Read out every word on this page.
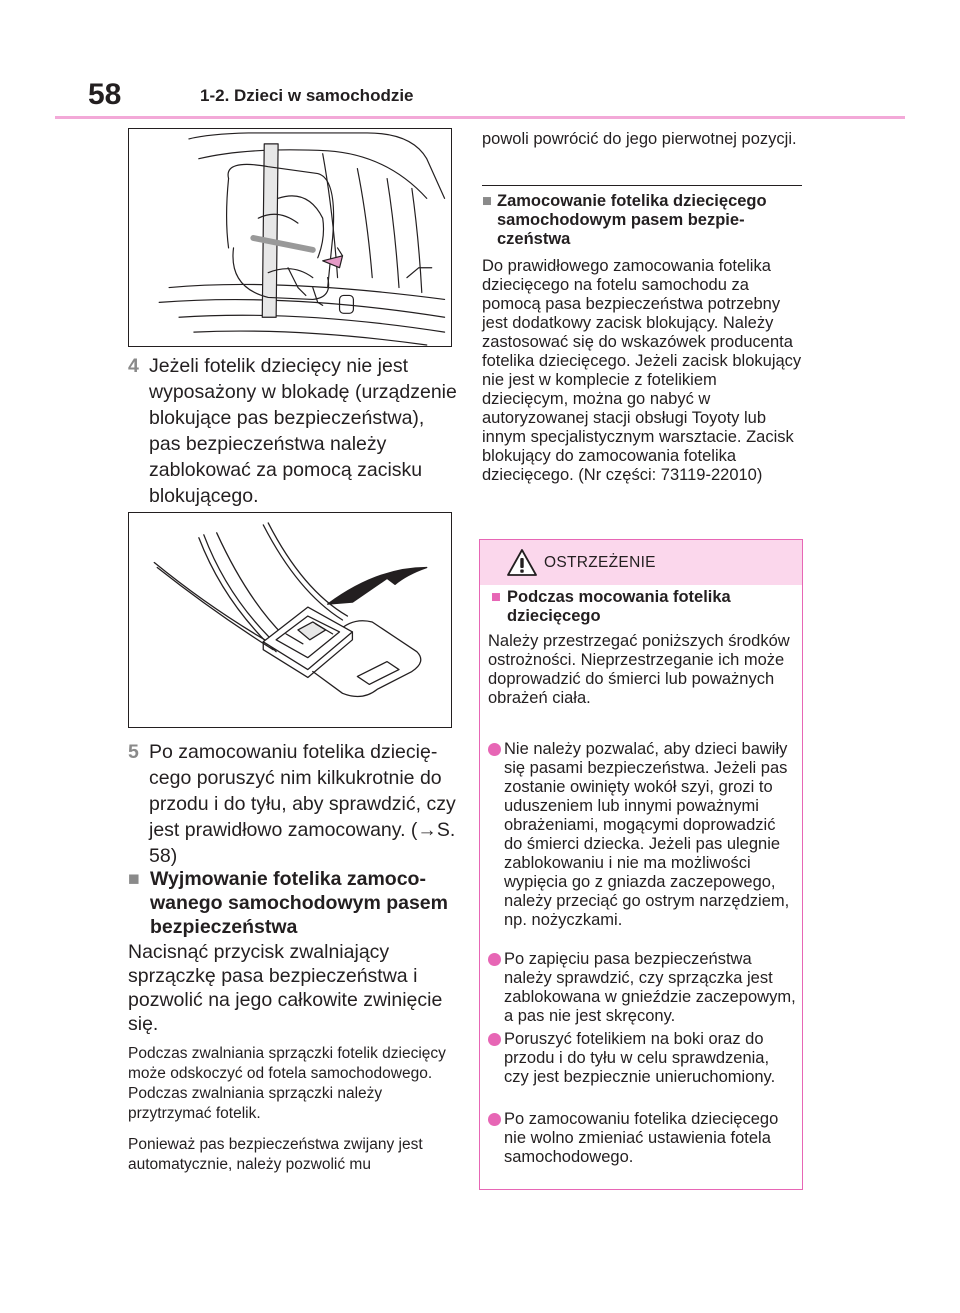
58	1-2. Dzieci w samochodzie
4 Jeżeli fotelik dziecięcy nie jest wyposażony w blokadę (urządzenie blokujące pas bezpieczeństwa), pas bezpieczeństwa należy zablokować za pomocą zacisku blokującego.
5 Po zamocowaniu fotelika dziecięcego poruszyć nim kilkukrotnie do przodu i do tyłu, aby sprawdzić, czy jest prawidłowo zamocowany. (→S. 58)
■ Wyjmowanie fotelika zamocowanego samochodowym pasem bezpieczeństwa
Nacisnąć przycisk zwalniający sprzączkę pasa bezpieczeństwa i pozwolić na jego całkowite zwinięcie się.
Podczas zwalniania sprzączki fotelik dziecięcy może odskoczyć od fotela samochodowego. Podczas zwalniania sprzączki należy przytrzymać fotelik.
Ponieważ pas bezpieczeństwa zwijany jest automatycznie, należy pozwolić mu
powoli powrócić do jego pierwotnej pozycji.
■ Zamocowanie fotelika dziecięcego samochodowym pasem bezpieczeństwa
Do prawidłowego zamocowania fotelika dziecięcego na fotelu samochodu za pomocą pasa bezpieczeństwa potrzebny jest dodatkowy zacisk blokujący. Należy zastosować się do wskazówek producenta fotelika dziecięcego. Jeżeli zacisk blokujący nie jest w komplecie z fotelikiem dziecięcym, można go nabyć w autoryzowanej stacji obsługi Toyoty lub innym specjalistycznym warsztacie. Zacisk blokujący do zamocowania fotelika dziecięcego. (Nr części: 73119-22010)
OSTRZEŻENIE
■ Podczas mocowania fotelika dziecięcego
Należy przestrzegać poniższych środków ostrożności. Nieprzestrzeganie ich może doprowadzić do śmierci lub poważnych obrażeń ciała.
Nie należy pozwalać, aby dzieci bawiły się pasami bezpieczeństwa. Jeżeli pas zostanie owinięty wokół szyi, grozi to uduszeniem lub innymi poważnymi obrażeniami, mogącymi doprowadzić do śmierci dziecka. Jeżeli pas ulegnie zablokowaniu i nie ma możliwości wypięcia go z gniazda zaczepowego, należy przeciąć go ostrym narzędziem, np. nożyczkami.
Po zapięciu pasa bezpieczeństwa należy sprawdzić, czy sprzączka jest zablokowana w gnieździe zaczepowym, a pas nie jest skręcony.
Poruszyć fotelikiem na boki oraz do przodu i do tyłu w celu sprawdzenia, czy jest bezpiecznie unieruchomiony.
Po zamocowaniu fotelika dziecięcego nie wolno zmieniać ustawienia fotela samochodowego.
